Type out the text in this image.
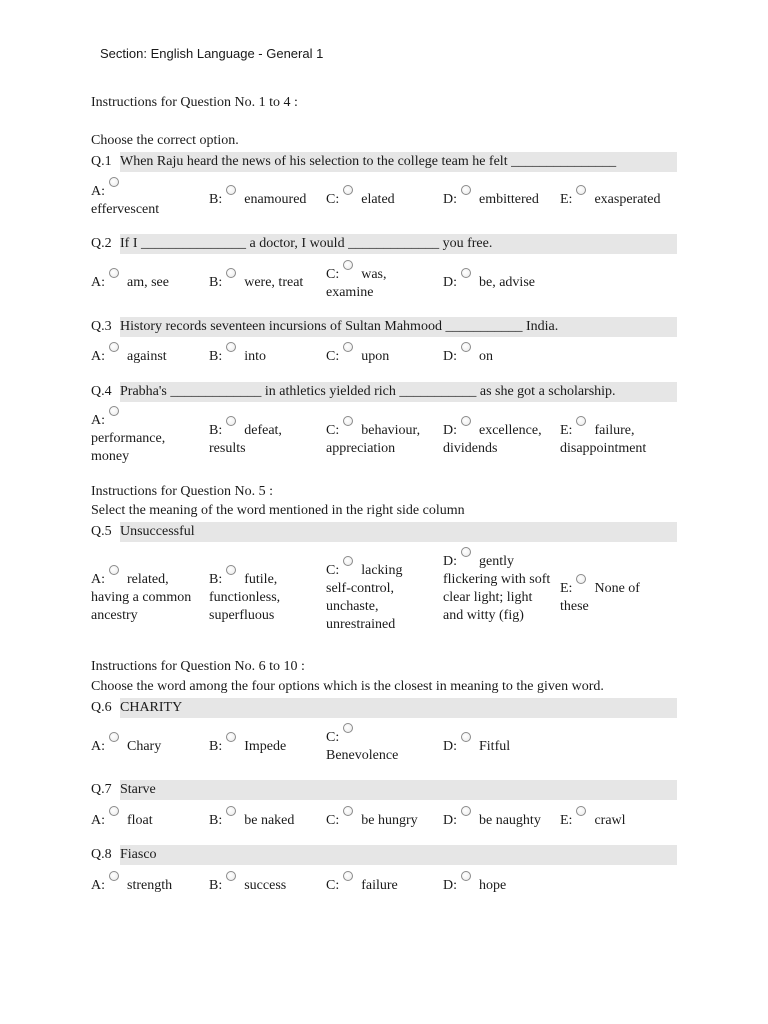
Section: English Language - General 1
Instructions for Question No. 1 to 4 :
Choose the correct option.
Q.1 When Raju heard the news of his selection to the college team he felt _______________
A:
effervescent
B: enamoured	C: elated	D: embittered	E: exasperated
Q.2 If I _______________ a doctor, I would _____________ you free.
A: am, see	B: were, treat
C: was, examine
D: be, advise
Q.3 History records seventeen incursions of Sultan Mahmood ___________ India.
A: against	B: into	C: upon	D: on
Q.4 Prabha's _____________ in athletics yielded rich ___________ as she got a scholarship.
A:
performance, money
B: defeat, results
C: behaviour, appreciation
D: excellence, dividends
E: failure, disappointment
Instructions for Question No. 5 :
Select the meaning of the word mentioned in the right side column
Q.5 Unsuccessful
A: related, having a common ancestry
B: futile, functionless, superfluous
C: lacking self-control, unchaste, unrestrained
D: gently flickering with soft clear light; light and witty (fig)
E: None of these
Instructions for Question No. 6 to 10 :
Choose the word among the four options which is the closest in meaning to the given word.
Q.6 CHARITY
A: Chary	B: Impede
C:
Benevolence
D: Fitful
Q.7 Starve
A: float	B: be naked	C: be hungry	D: be naughty	E: crawl
Q.8 Fiasco
A: strength	B: success	C: failure	D: hope
